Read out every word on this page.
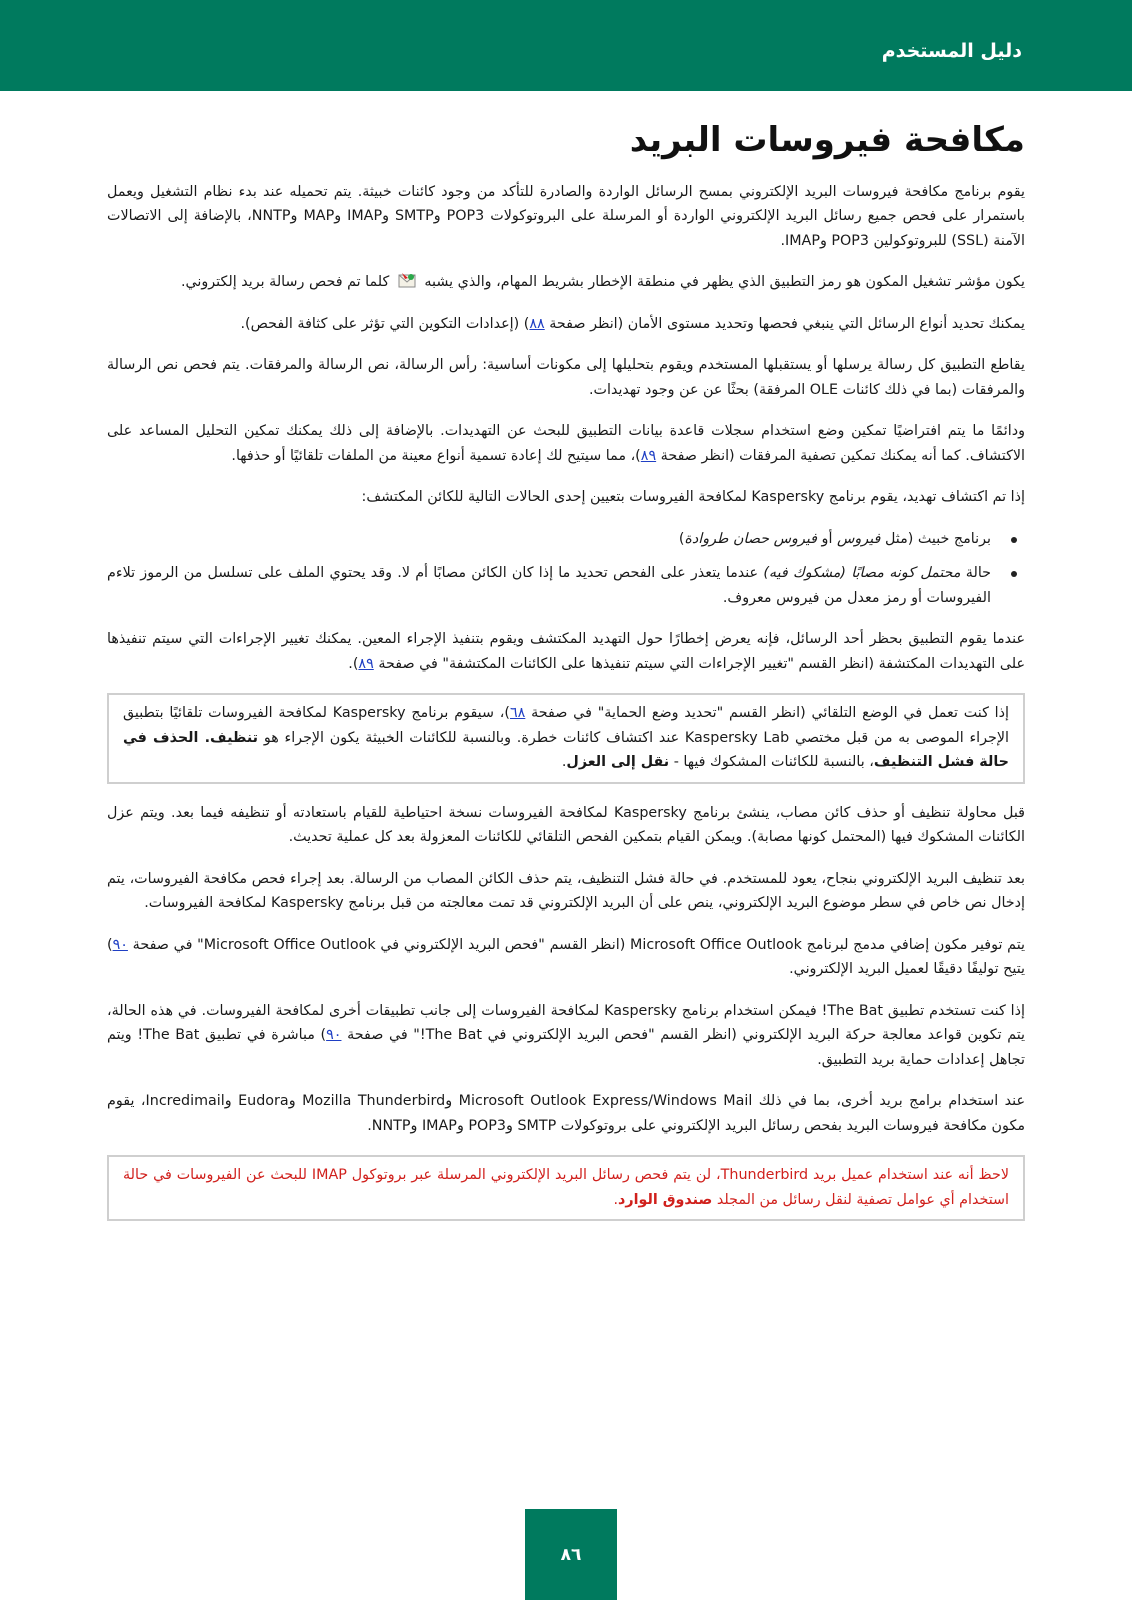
دليل المستخدم
مكافحة فيروسات البريد

يقوم برنامج مكافحة فيروسات البريد الإلكتروني بمسح الرسائل الواردة والصادرة للتأكد من وجود كائنات خبيثة. يتم تحميله عند بدء نظام التشغيل ويعمل باستمرار على فحص جميع رسائل البريد الإلكتروني الواردة أو المرسلة على البروتوكولات POP3 وSMTP وIMAP وMAP وNNTP، بالإضافة إلى الاتصالات الآمنة (SSL) للبروتوكولين POP3 وIMAP.

يكون مؤشر تشغيل المكون هو رمز التطبيق الذي يظهر في منطقة الإخطار بشريط المهام، والذي يشبه  كلما تم فحص رسالة بريد إلكتروني.

يمكنك تحديد أنواع الرسائل التي ينبغي فحصها وتحديد مستوى الأمان (انظر صفحة ٨٨) (إعدادات التكوين التي تؤثر على كثافة الفحص).

يقاطع التطبيق كل رسالة يرسلها أو يستقبلها المستخدم ويقوم بتحليلها إلى مكونات أساسية: رأس الرسالة، نص الرسالة والمرفقات. يتم فحص نص الرسالة والمرفقات (بما في ذلك كائنات OLE المرفقة) بحثًا عن عن وجود تهديدات.

ودائمًا ما يتم افتراضيًا تمكين وضع استخدام سجلات قاعدة بيانات التطبيق للبحث عن التهديدات. بالإضافة إلى ذلك يمكنك تمكين التحليل المساعد على الاكتشاف. كما أنه يمكنك تمكين تصفية المرفقات (انظر صفحة ٨٩)، مما سيتيح لك إعادة تسمية أنواع معينة من الملفات تلقائيًا أو حذفها.

إذا تم اكتشاف تهديد، يقوم برنامج Kaspersky لمكافحة الفيروسات بتعيين إحدى الحالات التالية للكائن المكتشف:

برنامج خبيث (مثل فيروس أو فيروس حصان طروادة)
حالة محتمل كونه مصابًا (مشكوك فيه) عندما يتعذر على الفحص تحديد ما إذا كان الكائن مصابًا أم لا. وقد يحتوي الملف على تسلسل من الرموز تلاءم الفيروسات أو رمز معدل من فيروس معروف.

عندما يقوم التطبيق بحظر أحد الرسائل، فإنه يعرض إخطارًا حول التهديد المكتشف ويقوم بتنفيذ الإجراء المعين. يمكنك تغيير الإجراءات التي سيتم تنفيذها على التهديدات المكتشفة (انظر القسم "تغيير الإجراءات التي سيتم تنفيذها على الكائنات المكتشفة" في صفحة ٨٩).

إذا كنت تعمل في الوضع التلقائي (انظر القسم "تحديد وضع الحماية" في صفحة ٦٨)، سيقوم برنامج Kaspersky لمكافحة الفيروسات تلقائيًا بتطبيق الإجراء الموصى به من قبل مختصي Kaspersky Lab عند اكتشاف كائنات خطرة. وبالنسبة للكائنات الخبيثة يكون الإجراء هو تنظيف. الحذف في حالة فشل التنظيف، بالنسبة للكائنات المشكوك فيها - نقل إلى العزل.

قبل محاولة تنظيف أو حذف كائن مصاب، ينشئ برنامج Kaspersky لمكافحة الفيروسات نسخة احتياطية للقيام باستعادته أو تنظيفه فيما بعد. ويتم عزل الكائنات المشكوك فيها (المحتمل كونها مصابة). ويمكن القيام بتمكين الفحص التلقائي للكائنات المعزولة بعد كل عملية تحديث.

بعد تنظيف البريد الإلكتروني بنجاح، يعود للمستخدم. في حالة فشل التنظيف، يتم حذف الكائن المصاب من الرسالة. بعد إجراء فحص مكافحة الفيروسات، يتم إدخال نص خاص في سطر موضوع البريد الإلكتروني، ينص على أن البريد الإلكتروني قد تمت معالجته من قبل برنامج Kaspersky لمكافحة الفيروسات.

يتم توفير مكون إضافي مدمج لبرنامج Microsoft Office Outlook (انظر القسم "فحص البريد الإلكتروني في Microsoft Office Outlook" في صفحة ٩٠) يتيح توليفًا دقيقًا لعميل البريد الإلكتروني.

إذا كنت تستخدم تطبيق The Bat! فيمكن استخدام برنامج Kaspersky لمكافحة الفيروسات إلى جانب تطبيقات أخرى لمكافحة الفيروسات. في هذه الحالة، يتم تكوين قواعد معالجة حركة البريد الإلكتروني (انظر القسم "فحص البريد الإلكتروني في The Bat!" في صفحة ٩٠) مباشرة في تطبيق The Bat! ويتم تجاهل إعدادات حماية بريد التطبيق.

عند استخدام برامج بريد أخرى، بما في ذلك Microsoft Outlook Express/Windows Mail وMozilla Thunderbird وEudora وIncredimail، يقوم مكون مكافحة فيروسات البريد بفحص رسائل البريد الإلكتروني على بروتوكولات SMTP وPOP3 وIMAP وNNTP.

لاحظ أنه عند استخدام عميل بريد Thunderbird، لن يتم فحص رسائل البريد الإلكتروني المرسلة عبر بروتوكول IMAP للبحث عن الفيروسات في حالة استخدام أي عوامل تصفية لنقل رسائل من المجلد صندوق الوارد.
٨٦
